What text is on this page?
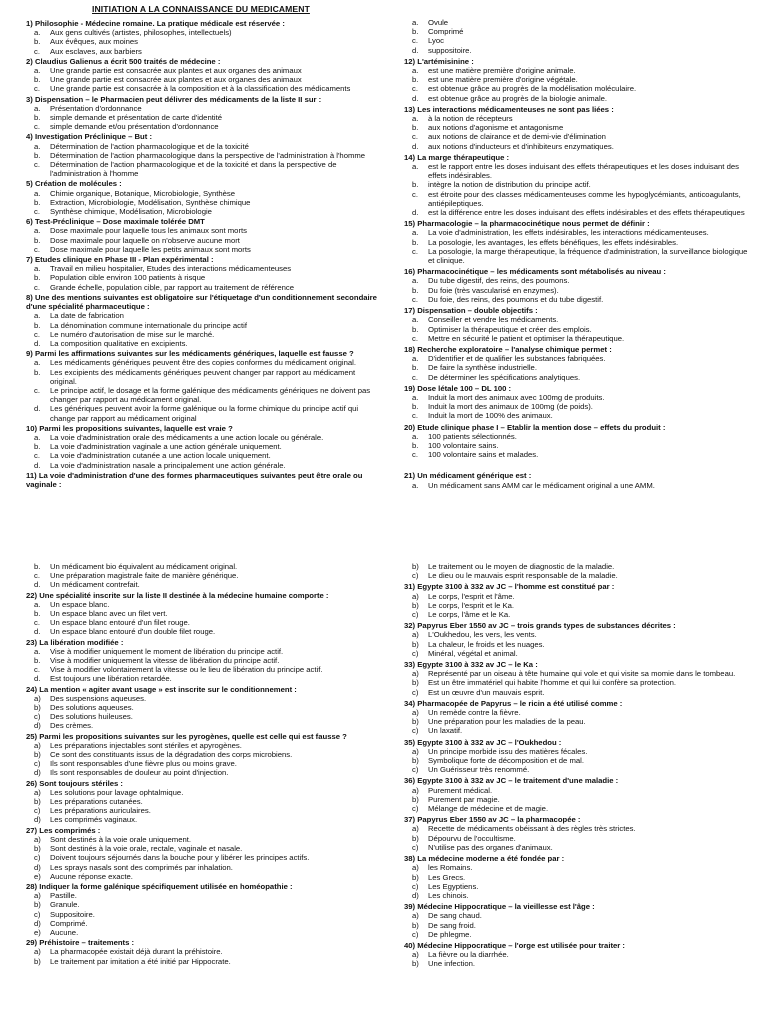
INITIATION A LA CONNAISSANCE DU MEDICAMENT
1) Philosophie - Médecine romaine. La pratique médicale est réservée :
a.	Aux gens cultivés (artistes, philosophes, intellectuels)
b.	Aux évêques, aux moines
c.	Aux esclaves, aux barbiers
2) Claudius Galienus a écrit 500 traités de médecine :
a.	Une grande partie est consacrée aux plantes et aux organes des animaux
b.	Une grande partie est consacrée aux plantes et aux organes des animaux
c.	Une grande partie est consacrée à la composition et à la classification des médicaments
3) Dispensation – le Pharmacien peut délivrer des médicaments de la liste II sur :
a.	Présentation d'ordonnance
b.	simple demande et présentation de carte d'identité
c.	simple demande et/ou présentation d'ordonnance
4) Investigation Préclinique – But :
a.	Détermination de l'action pharmacologique et de la toxicité
b.	Détermination de l'action pharmacologique dans la perspective de l'administration à l'homme
c.	Détermination de l'action pharmacologique et de la toxicité et dans la perspective de l'administration à l'homme
5) Création de molécules :
a.	Chimie organique, Botanique, Microbiologie, Synthèse
b.	Extraction, Microbiologie, Modélisation, Synthèse chimique
c.	Synthèse chimique, Modélisation, Microbiologie
6) Test-Préclinique – Dose maximale tolérée DMT
a.	Dose maximale pour laquelle tous les animaux sont morts
b.	Dose maximale pour laquelle on n'observe aucune mort
c.	Dose maximale pour laquelle les petits animaux sont morts
7) Etudes clinique en Phase III - Plan expérimental :
a.	Travail en milieu hospitalier, Etudes des interactions médicamenteuses
b.	Population cible environ 100 patients à risque
c.	Grande échelle, population cible, par rapport au traitement de référence
8) Une des mentions suivantes est obligatoire sur l'étiquetage d'un conditionnement secondaire d'une spécialité pharmaceutique :
a.	La date de fabrication
b.	La dénomination commune internationale du principe actif
c.	Le numéro d'autorisation de mise sur le marché.
d.	La composition qualitative en excipients.
9) Parmi les affirmations suivantes sur les médicaments génériques, laquelle est fausse ?
a.	Les médicaments génériques peuvent être des copies conformes du médicament original.
b.	Les excipients des médicaments génériques peuvent changer par rapport au médicament original.
c.	Le principe actif, le dosage et la forme galénique des médicaments génériques ne doivent pas changer par rapport au médicament original.
d.	Les génériques peuvent avoir la forme galénique ou la forme chimique du principe actif qui change par rapport au médicament original
10) Parmi les propositions suivantes, laquelle est vraie ?
a.	La voie d'administration orale des médicaments a une action locale ou générale.
b.	La voie d'administration vaginale a une action générale uniquement.
c.	La voie d'administration cutanée a une action locale uniquement.
d.	La voie d'administration nasale a principalement une action générale.
11) La voie d'administration d'une des formes pharmaceutiques suivantes peut être orale ou vaginale :
a.	Ovule
b.	Comprimé
c.	Lyoc
d.	suppositoire.
12) L'artémisinine :
a.	est une matière première d'origine animale.
b.	est une matière première d'origine végétale.
c.	est obtenue grâce au progrès de la modélisation moléculaire.
d.	est obtenue grâce au progrès de la biologie animale.
13) Les interactions médicamenteuses ne sont pas liées :
a.	à la notion de récepteurs
b.	aux notions d'agonisme et antagonisme
c.	aux notions de clairance et de demi-vie d'élimination
d.	aux notions d'inducteurs et d'inhibiteurs enzymatiques.
14) La marge thérapeutique :
a.	est le rapport entre les doses induisant des effets thérapeutiques et les doses induisant des effets indésirables.
b.	intègre la notion de distribution du principe actif.
c.	est étroite pour des classes médicamenteuses comme les hypoglycémiants, anticoagulants, antiépileptiques.
d.	est la différence entre les doses induisant des effets indésirables et des effets thérapeutiques
15) Pharmacologie – la pharmacocinétique nous permet de définir :
a.	La voie d'administration, les effets indésirables, les interactions médicamenteuses.
b.	La posologie, les avantages, les effets bénéfiques, les effets indésirables.
c.	La posologie, la marge thérapeutique, la fréquence d'administration, la surveillance biologique et clinique.
16) Pharmacocinétique – les médicaments sont métabolisés au niveau :
a.	Du tube digestif, des reins, des poumons.
b.	Du foie (très vascularisé en enzymes).
c.	Du foie, des reins, des poumons et du tube digestif.
17) Dispensation – double objectifs :
a.	Conseiller et vendre les médicaments.
b.	Optimiser la thérapeutique et créer des emplois.
c.	Mettre en sécurité le patient et optimiser la thérapeutique.
18) Recherche exploratoire – l'analyse chimique permet :
a.	D'identifier et de qualifier les substances fabriquées.
b.	De faire la synthèse industrielle.
c.	De déterminer les spécifications analytiques.
19) Dose létale 100 – DL 100 :
a.	Induit la mort des animaux avec 100mg de produits.
b.	Induit la mort des animaux de 100mg (de poids).
c.	Induit la mort de 100% des animaux.
20) Etude clinique phase I – Etablir la mention dose – effets du produit :
a.	100 patients sélectionnés.
b.	100 volontaire sains.
c.	100 volontaire sains et malades.
21) Un médicament générique est :
a.	Un médicament sans AMM car le médicament original a une AMM.
b.	Un médicament bio équivalent au médicament original.
c.	Une préparation magistrale faite de manière générique.
d.	Un médicament contrefait.
22) Une spécialité inscrite sur la liste II destinée à la médecine humaine comporte :
a.	Un espace blanc.
b.	Un espace blanc avec un filet vert.
c.	Un espace blanc entouré d'un filet rouge.
d.	Un espace blanc entouré d'un double filet rouge.
23) La libération modifiée :
a.	Vise à modifier uniquement le moment de libération du principe actif.
b.	Vise à modifier uniquement la vitesse de libération du principe actif.
c.	Vise à modifier volontairement la vitesse ou le lieu de libération du principe actif.
d.	Est toujours une libération retardée.
24) La mention « agiter avant usage » est inscrite sur le conditionnement :
a)	Des suspensions aqueuses.
b)	Des solutions aqueuses.
c)	Des solutions huileuses.
d)	Des crèmes.
25) Parmi les propositions suivantes sur les pyrogènes, quelle est celle qui est fausse ?
a)	Les préparations injectables sont stériles et apyrogènes.
b)	Ce sont des constituants issus de la dégradation des corps microbiens.
c)	Ils sont responsables d'une fièvre plus ou moins grave.
d)	Ils sont responsables de douleur au point d'injection.
26) Sont toujours stériles :
a)	Les solutions pour lavage ophtalmique.
b)	Les préparations cutanées.
c)	Les préparations auriculaires.
d)	Les comprimés vaginaux.
27) Les comprimés :
a)	Sont destinés à la voie orale uniquement.
b)	Sont destinés à la voie orale, rectale, vaginale et nasale.
c)	Doivent toujours séjournés dans la bouche pour y libérer les principes actifs.
d)	Les sprays nasals sont des comprimés par inhalation.
e)	Aucune réponse exacte.
28) Indiquer la forme galénique spécifiquement utilisée en homéopathie :
a)	Pastille.
b)	Granule.
c)	Suppositoire.
d)	Comprimé.
e)	Aucune.
29) Préhistoire – traitements :
a)	La pharmacopée existait déjà durant la préhistoire.
b)	Le traitement par imitation a été initié par Hippocrate.
b)	Le traitement ou le moyen de diagnostic de la maladie.
c)	Le dieu ou le mauvais esprit responsable de la maladie.
31) Egypte 3100 à 332 av JC – l'homme est constitué par :
a)	Le corps, l'esprit et l'âme.
b)	Le corps, l'esprit et le Ka.
c)	Le corps, l'âme et le Ka.
32) Papyrus Eber 1550 av JC – trois grands types de substances décrites :
a)	L'Oukhedou, les vers, les vents.
b)	La chaleur, le froids et les nuages.
c)	Minéral, végétal et animal.
33) Egypte 3100 à 332 av JC – le Ka :
a)	Représenté par un oiseau à tête humaine qui vole et qui visite sa momie dans le tombeau.
b)	Est un être immatériel qui habite l'homme et qui lui confère sa protection.
c)	Est un œuvre d'un mauvais esprit.
34) Pharmacopée de Papyrus – le ricin a été utilisé comme :
a)	Un remède contre la fièvre.
b)	Une préparation pour les maladies de la peau.
c)	Un laxatif.
35) Egypte 3100 à 332 av JC – l'Oukhedou :
a)	Un principe morbide issu des matières fécales.
b)	Symbolique forte de décomposition et de mal.
c)	Un Guérisseur très renommé.
36) Egypte 3100 à 332 av JC – le traitement d'une maladie :
a)	Purement médical.
b)	Purement par magie.
c)	Mélange de médecine et de magie.
37) Papyrus Eber 1550 av JC – la pharmacopée :
a)	Recette de médicaments obéissant à des règles très strictes.
b)	Dépourvu de l'occultisme.
c)	N'utilise pas des organes d'animaux.
38) La médecine moderne a été fondée par :
a)	les Romains.
b)	Les Grecs.
c)	Les Egyptiens.
d)	Les chinois.
39) Médecine Hippocratique – la vieillesse est l'âge :
a)	De sang chaud.
b)	De sang froid.
c)	De phlegme.
40) Médecine Hippocratique – l'orge est utilisée pour traiter :
a)	La fièvre ou la diarrhée.
b)	Une infection.
